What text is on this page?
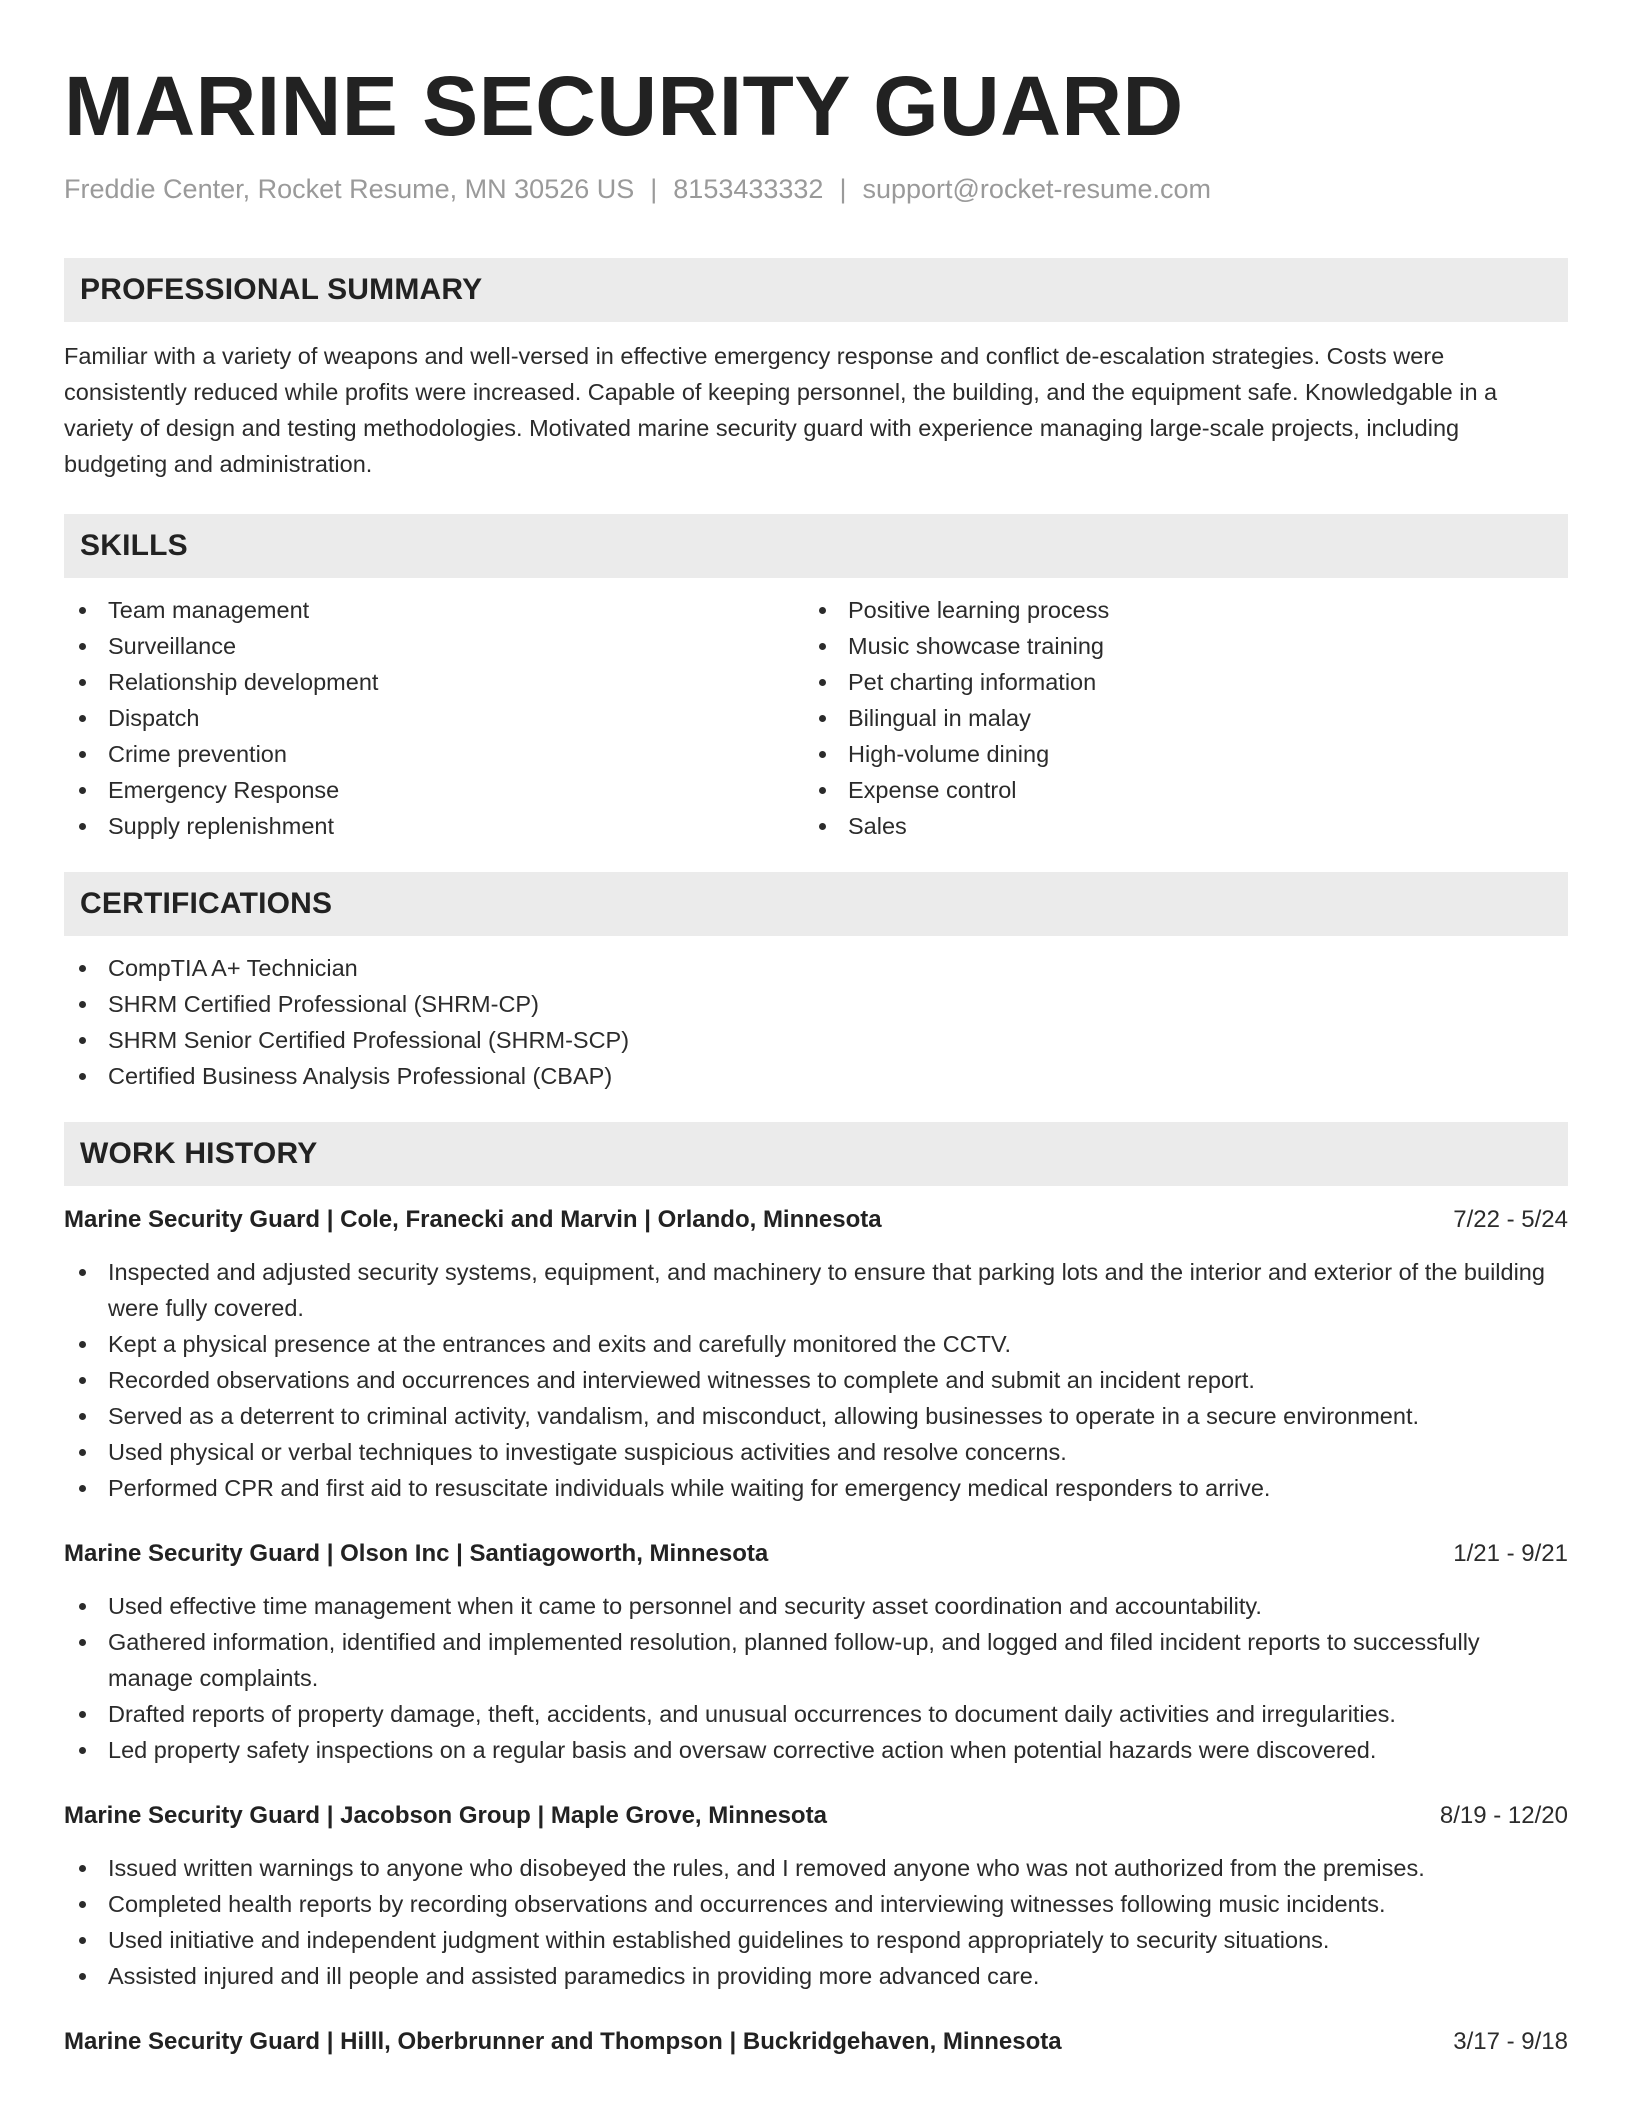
MARINE SECURITY GUARD
Freddie Center, Rocket Resume, MN 30526 US | 8153433332 | support@rocket-resume.com
PROFESSIONAL SUMMARY

Familiar with a variety of weapons and well-versed in effective emergency response and conflict de-escalation strategies. Costs were consistently reduced while profits were increased. Capable of keeping personnel, the building, and the equipment safe. Knowledgable in a variety of design and testing methodologies. Motivated marine security guard with experience managing large-scale projects, including budgeting and administration.

SKILLS
Team management
Surveillance
Relationship development
Dispatch
Crime prevention
Emergency Response
Supply replenishment
Positive learning process
Music showcase training
Pet charting information
Bilingual in malay
High-volume dining
Expense control
Sales
CERTIFICATIONS
CompTIA A+ Technician
SHRM Certified Professional (SHRM-CP)
SHRM Senior Certified Professional (SHRM-SCP)
Certified Business Analysis Professional (CBAP)
WORK HISTORY
Marine Security Guard | Cole, Franecki and Marvin | Orlando, Minnesota	7/22 - 5/24
Inspected and adjusted security systems, equipment, and machinery to ensure that parking lots and the interior and exterior of the building were fully covered.
Kept a physical presence at the entrances and exits and carefully monitored the CCTV.
Recorded observations and occurrences and interviewed witnesses to complete and submit an incident report.
Served as a deterrent to criminal activity, vandalism, and misconduct, allowing businesses to operate in a secure environment.
Used physical or verbal techniques to investigate suspicious activities and resolve concerns.
Performed CPR and first aid to resuscitate individuals while waiting for emergency medical responders to arrive.
Marine Security Guard | Olson Inc | Santiagoworth, Minnesota	1/21 - 9/21
Used effective time management when it came to personnel and security asset coordination and accountability.
Gathered information, identified and implemented resolution, planned follow-up, and logged and filed incident reports to successfully manage complaints.
Drafted reports of property damage, theft, accidents, and unusual occurrences to document daily activities and irregularities.
Led property safety inspections on a regular basis and oversaw corrective action when potential hazards were discovered.
Marine Security Guard | Jacobson Group | Maple Grove, Minnesota	8/19 - 12/20
Issued written warnings to anyone who disobeyed the rules, and I removed anyone who was not authorized from the premises.
Completed health reports by recording observations and occurrences and interviewing witnesses following music incidents.
Used initiative and independent judgment within established guidelines to respond appropriately to security situations.
Assisted injured and ill people and assisted paramedics in providing more advanced care.
Marine Security Guard | Hilll, Oberbrunner and Thompson | Buckridgehaven, Minnesota	3/17 - 9/18
